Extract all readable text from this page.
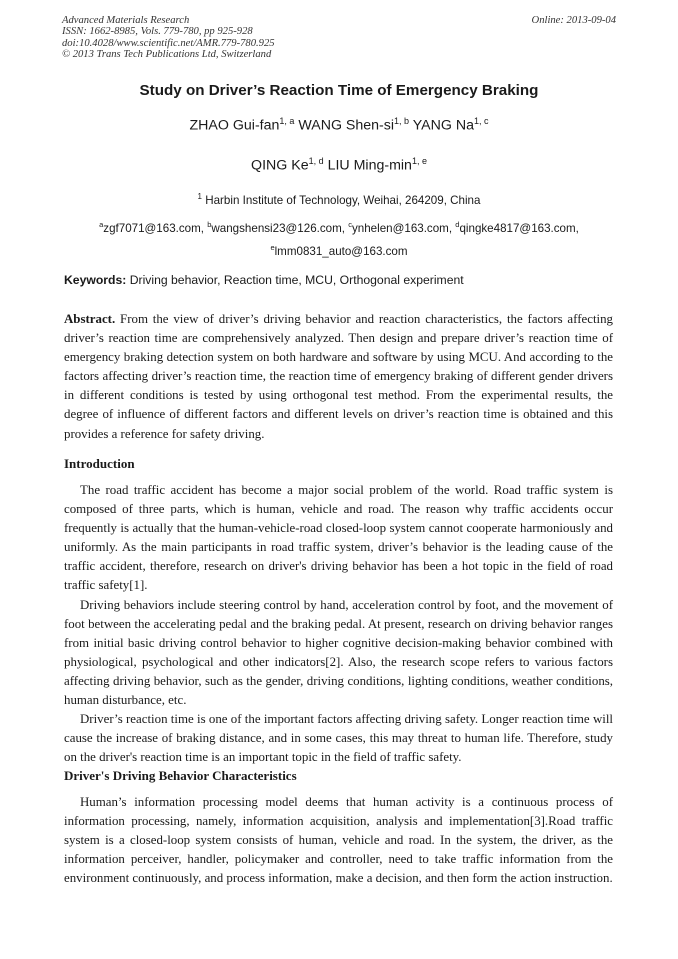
Advanced Materials Research
ISSN: 1662-8985, Vols. 779-780, pp 925-928
doi:10.4028/www.scientific.net/AMR.779-780.925
© 2013 Trans Tech Publications Ltd, Switzerland
Online: 2013-09-04
Study on Driver’s Reaction Time of Emergency Braking
ZHAO Gui-fan$^{1, a}$ WANG Shen-si$^{1, b}$ YANG Na$^{1, c}$
QING Ke$^{1, d}$ LIU Ming-$\min^{1, e}$
$^1$ Harbin Institute of Technology, Weihai, 264209, China
$^a$zgf7071@163.com, $^b$wangshensi23@126.com, $^c$ynhelen@163.com, $^d$qingke4817@163.com,
$^e$lmm0831_auto@163.com
Keywords: Driving behavior, Reaction time, MCU, Orthogonal experiment
Abstract. From the view of driver’s driving behavior and reaction characteristics, the factors affecting driver’s reaction time are comprehensively analyzed. Then design and prepare driver’s reaction time of emergency braking detection system on both hardware and software by using MCU. And according to the factors affecting driver’s reaction time, the reaction time of emergency braking of different gender drivers in different conditions is tested by using orthogonal test method. From the experimental results, the degree of influence of different factors and different levels on driver’s reaction time is obtained and this provides a reference for safety driving.
Introduction

The road traffic accident has become a major social problem of the world. Road traffic system is composed of three parts, which is human, vehicle and road. The reason why traffic accidents occur frequently is actually that the human-vehicle-road closed-loop system cannot cooperate harmoniously and uniformly. As the main participants in road traffic system, driver’s behavior is the leading cause of the traffic accident, therefore, research on driver's driving behavior has been a hot topic in the field of road traffic safety[1].

Driving behaviors include steering control by hand, acceleration control by foot, and the movement of foot between the accelerating pedal and the braking pedal. At present, research on driving behavior ranges from initial basic driving control behavior to higher cognitive decision-making behavior combined with physiological, psychological and other indicators[2]. Also, the research scope refers to various factors affecting driving behavior, such as the gender, driving conditions, lighting conditions, weather conditions, human disturbance, etc.

Driver’s reaction time is one of the important factors affecting driving safety. Longer reaction time will cause the increase of braking distance, and in some cases, this may threat to human life. Therefore, study on the driver's reaction time is an important topic in the field of traffic safety.

Driver's Driving Behavior Characteristics

Human’s information processing model deems that human activity is a continuous process of information processing, namely, information acquisition, analysis and implementation[3].Road traffic system is a closed-loop system consists of human, vehicle and road. In the system, the driver, as the information perceiver, handler, policymaker and controller, need to take traffic information from the environment continuously, and process information, make a decision, and then form the action instruction.
